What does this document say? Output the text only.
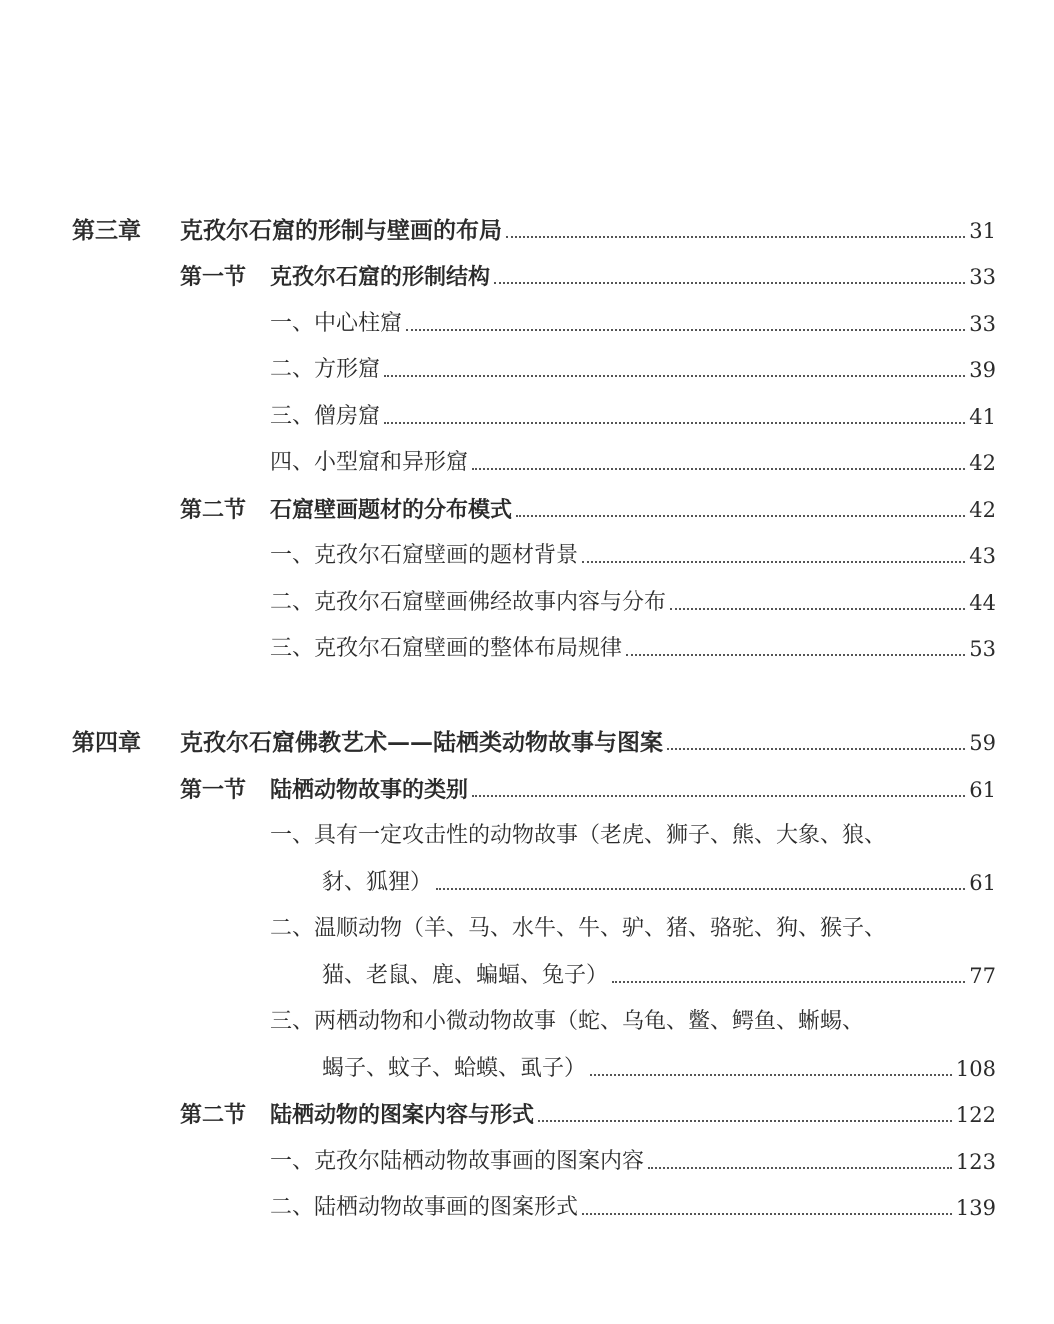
第三章	克孜尔石窟的形制与壁画的布局	31
第一节	克孜尔石窟的形制结构	33
一、中心柱窟	33
二、方形窟	39
三、僧房窟	41
四、小型窟和异形窟	42
第二节	石窟壁画题材的分布模式	42
一、克孜尔石窟壁画的题材背景	43
二、克孜尔石窟壁画佛经故事内容与分布	44
三、克孜尔石窟壁画的整体布局规律	53
第四章	克孜尔石窟佛教艺术——陆栖类动物故事与图案	59
第一节	陆栖动物故事的类别	61
一、具有一定攻击性的动物故事（老虎、狮子、熊、大象、狼、
豺、狐狸）	61
二、温顺动物（羊、马、水牛、牛、驴、猪、骆驼、狗、猴子、
猫、老鼠、鹿、蝙蝠、兔子）	77
三、两栖动物和小微动物故事（蛇、乌龟、鳖、鳄鱼、蜥蜴、
蝎子、蚊子、蛤蟆、虱子）	108
第二节	陆栖动物的图案内容与形式	122
一、克孜尔陆栖动物故事画的图案内容	123
二、陆栖动物故事画的图案形式	139
